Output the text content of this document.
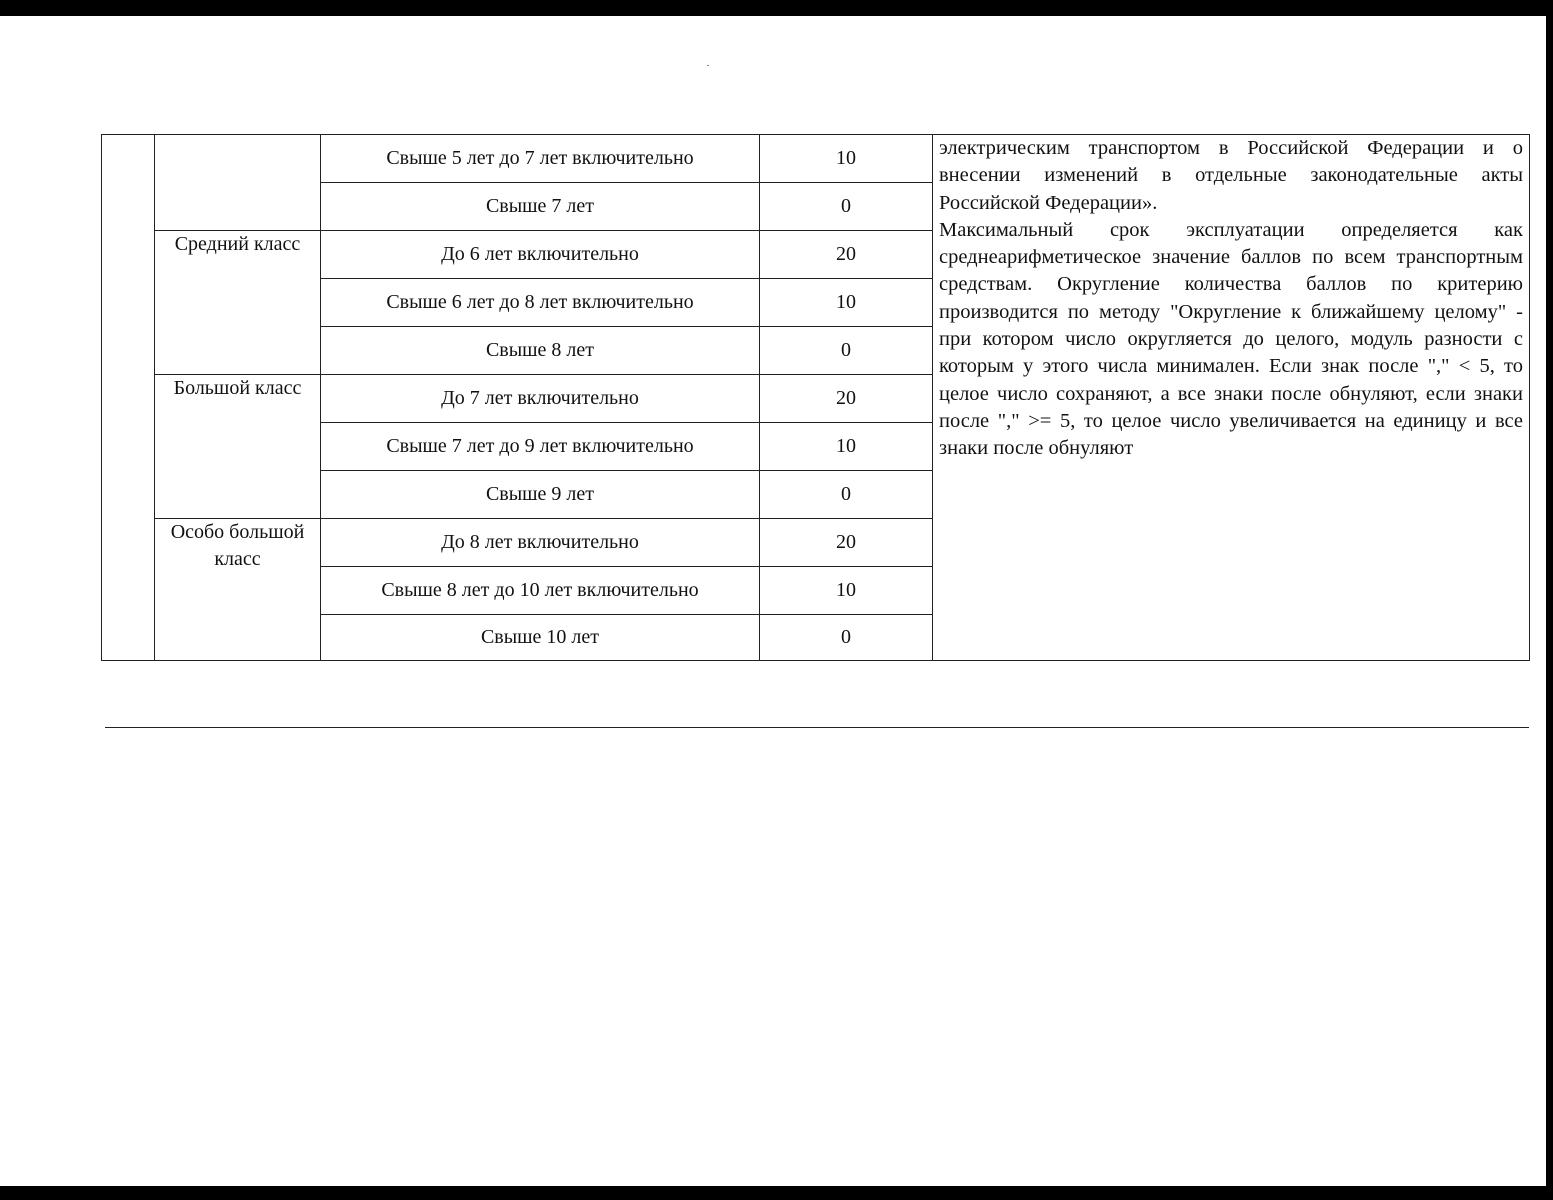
		Свыше 5 лет до 7 лет включительно	10	электрическим транспортом в Российской Федерации и о внесении изменений в отдельные законодательные акты Российской Федерации».

Максимальный срок эксплуатации определяется как среднеарифметическое значение баллов по всем транспортным средствам. Округление количества баллов по критерию производится по методу "Округление к ближайшему целому" - при котором число округляется до целого, модуль разности с которым у этого числа минимален. Если знак после "," < 5, то целое число сохраняют, а все знаки после обнуляют, если знаки после "," >= 5, то целое число увеличивается на единицу и все знаки после обнуляют

		Свыше 7 лет	0	
	Средний класс	До 6 лет включительно	20	
		Свыше 6 лет до 8 лет включительно	10	
		Свыше 8 лет	0	
	Большой класс	До 7 лет включительно	20	
		Свыше 7 лет до 9 лет включительно	10	
		Свыше 9 лет	0	
	Особо большой класс	До 8 лет включительно	20	
		Свыше 8 лет до 10 лет включительно	10	
		Свыше 10 лет	0	
